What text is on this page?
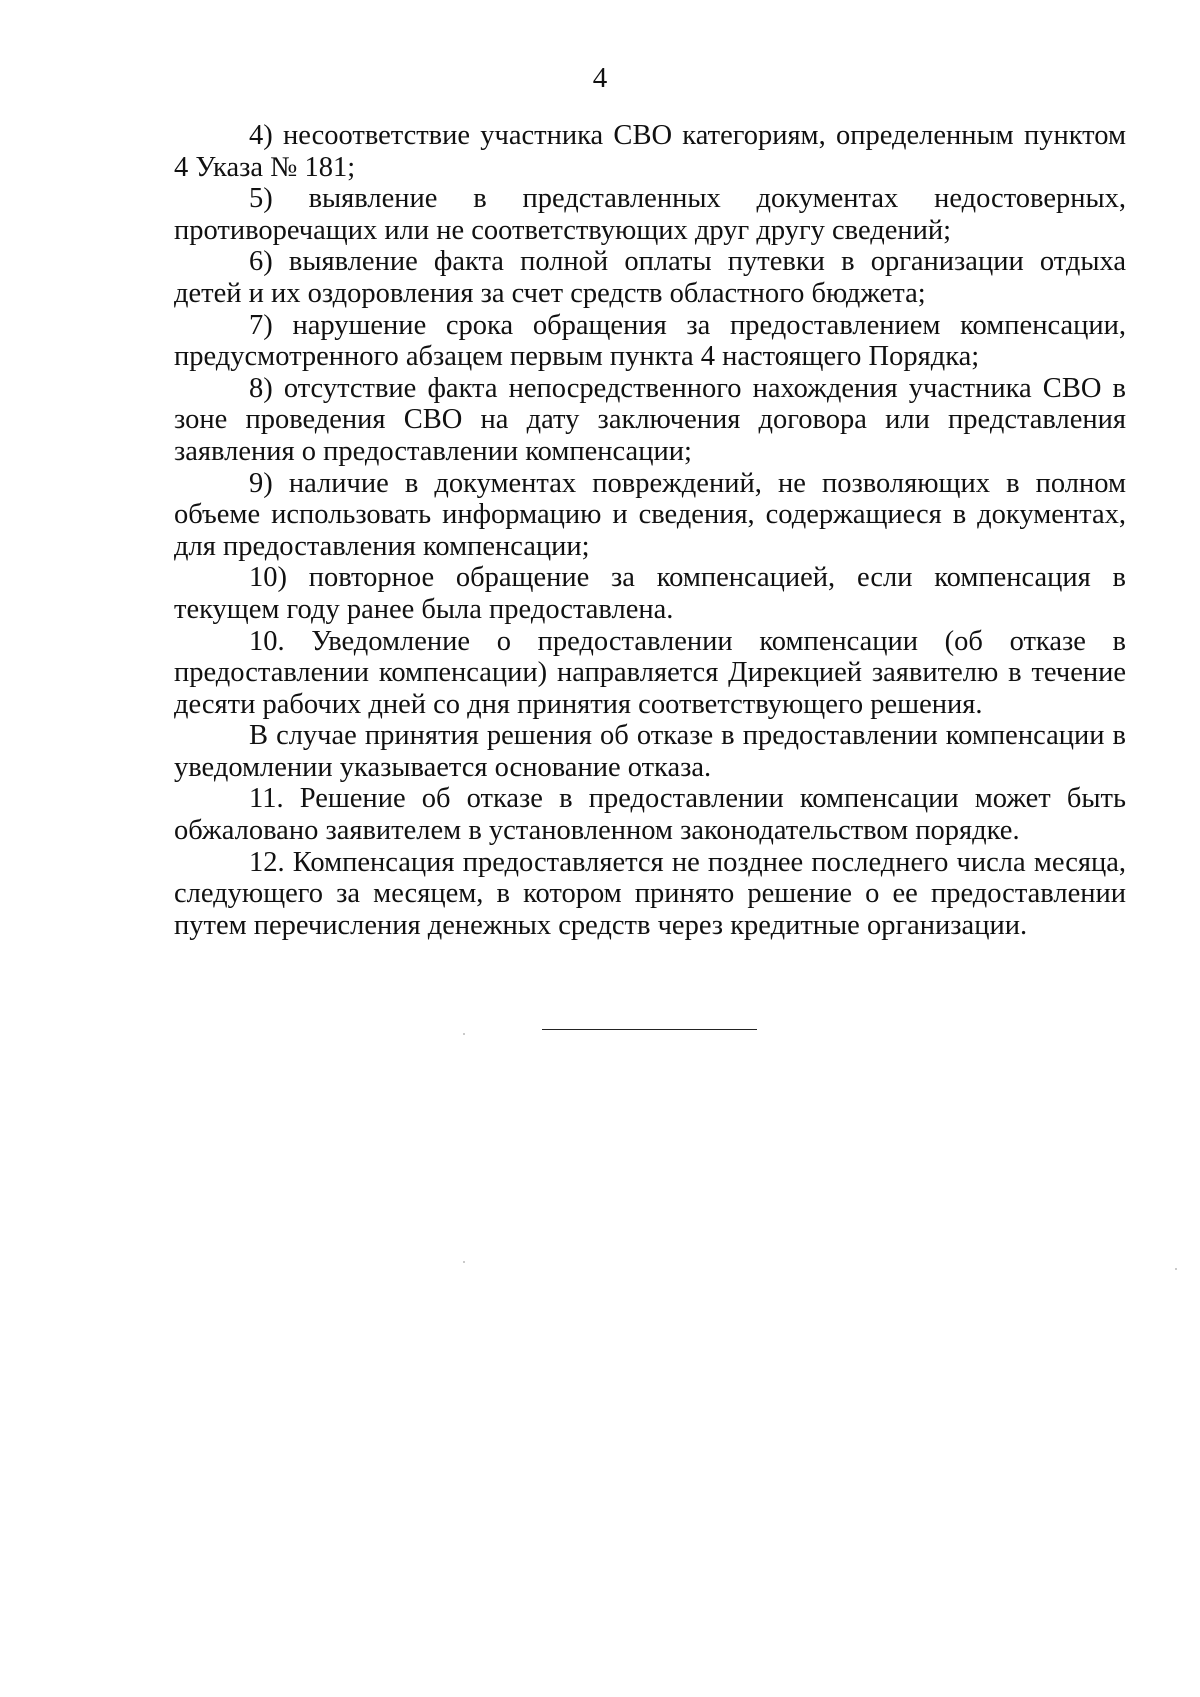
4

4) несоответствие участника СВО категориям, определенным пунктом 4 Указа № 181;

5) выявление в представленных документах недостоверных, противоречащих или не соответствующих друг другу сведений;

6) выявление факта полной оплаты путевки в организации отдыха детей и их оздоровления за счет средств областного бюджета;

7) нарушение срока обращения за предоставлением компенсации, предусмотренного абзацем первым пункта 4 настоящего Порядка;

8) отсутствие факта непосредственного нахождения участника СВО в зоне проведения СВО на дату заключения договора или представления заявления о предоставлении компенсации;

9) наличие в документах повреждений, не позволяющих в полном объеме использовать информацию и сведения, содержащиеся в документах, для предоставления компенсации;

10) повторное обращение за компенсацией, если компенсация в текущем году ранее была предоставлена.

10. Уведомление о предоставлении компенсации (об отказе в предоставлении компенсации) направляется Дирекцией заявителю в течение десяти рабочих дней со дня принятия соответствующего решения.

В случае принятия решения об отказе в предоставлении компенсации в уведомлении указывается основание отказа.

11. Решение об отказе в предоставлении компенсации может быть обжаловано заявителем в установленном законодательством порядке.

12. Компенсация предоставляется не позднее последнего числа месяца, следующего за месяцем, в котором принято решение о ее предоставлении путем перечисления денежных средств через кредитные организации.
